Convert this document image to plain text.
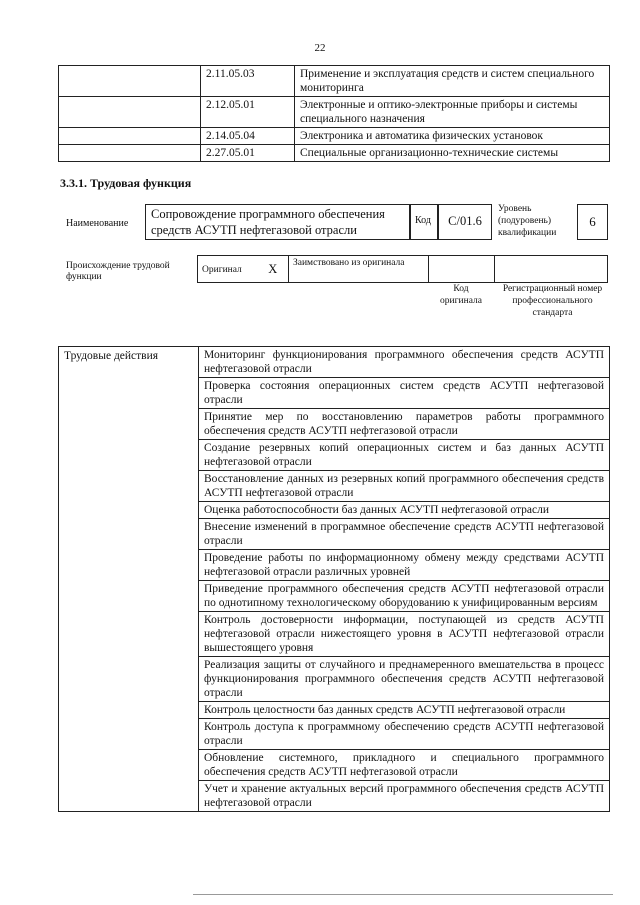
22
	2.11.05.03	Применение и эксплуатация средств и систем специального мониторинга
	2.12.05.01	Электронные и оптико-электронные приборы и системы специального назначения
	2.14.05.04	Электроника и автоматика физических установок
	2.27.05.01	Специальные организационно-технические системы
3.3.1. Трудовая функция
Наименование
Сопровождение программного обеспечения средств АСУТП нефтегазовой отрасли
Код	С/01.6
Уровень (подуровень) квалификации
6
Происхождение трудовой функции
Оригинал	X	Заимствовано из оригинала		
Код оригинала
Регистрационный номер профессионального стандарта
Трудовые действия	Мониторинг функционирования программного обеспечения средств АСУТП нефтегазовой отрасли
Проверка состояния операционных систем средств АСУТП нефтегазовой отрасли
Принятие мер по восстановлению параметров работы программного обеспечения средств АСУТП нефтегазовой отрасли
Создание резервных копий операционных систем и баз данных АСУТП нефтегазовой отрасли
Восстановление данных из резервных копий программного обеспечения средств АСУТП нефтегазовой отрасли
Оценка работоспособности баз данных АСУТП нефтегазовой отрасли
Внесение изменений в программное обеспечение средств АСУТП нефтегазовой отрасли
Проведение работы по информационному обмену между средствами АСУТП нефтегазовой отрасли различных уровней
Приведение программного обеспечения средств АСУТП нефтегазовой отрасли по однотипному технологическому оборудованию к унифицированным версиям
Контроль достоверности информации, поступающей из средств АСУТП нефтегазовой отрасли нижестоящего уровня в АСУТП нефтегазовой отрасли вышестоящего уровня
Реализация защиты от случайного и преднамеренного вмешательства в процесс функционирования программного обеспечения средств АСУТП нефтегазовой отрасли
Контроль целостности баз данных средств АСУТП нефтегазовой отрасли
Контроль доступа к программному обеспечению средств АСУТП нефтегазовой отрасли
Обновление системного, прикладного и специального программного обеспечения средств АСУТП нефтегазовой отрасли
Учет и хранение актуальных версий программного обеспечения средств АСУТП нефтегазовой отрасли
